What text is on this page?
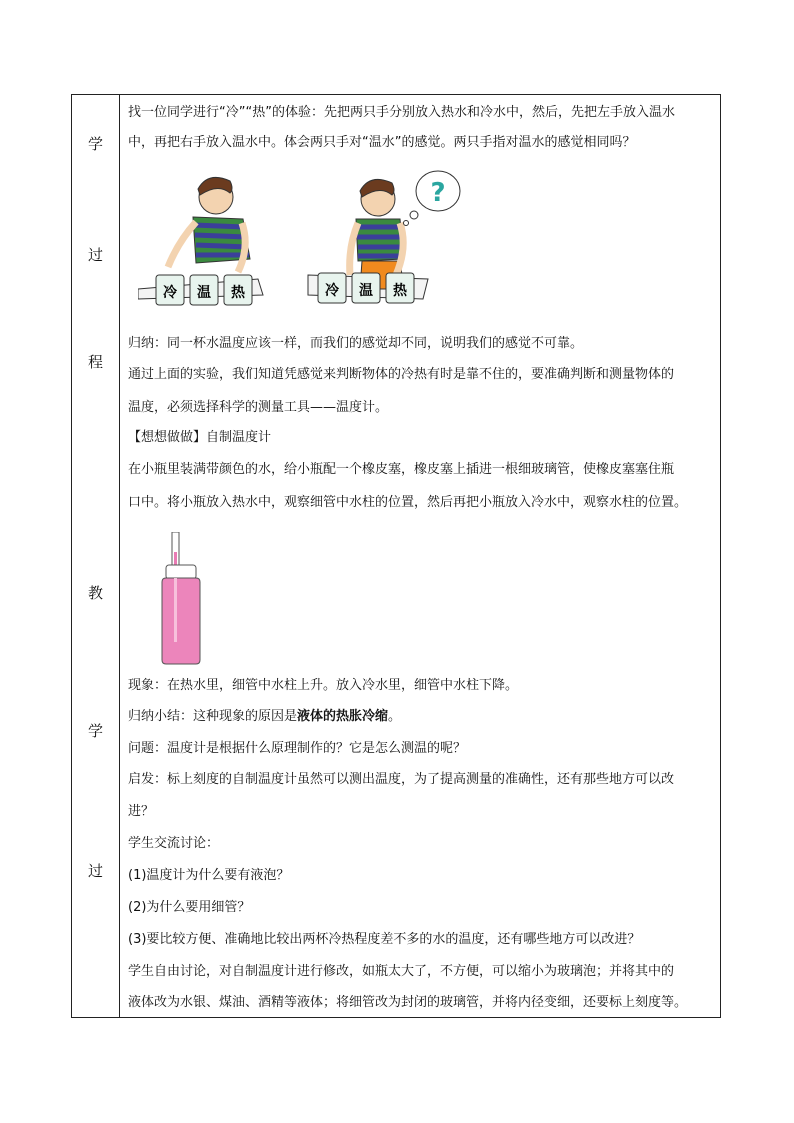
学
过
程
教
学
过
找一位同学进行“冷”“热”的体验：先把两只手分别放入热水和冷水中，然后，先把左手放入温水
中，再把右手放入温水中。体会两只手对“温水”的感觉。两只手指对温水的感觉相同吗？
冷 温 热
?
冷 温 热
归纳：同一杯水温度应该一样，而我们的感觉却不同，说明我们的感觉不可靠。
通过上面的实验，我们知道凭感觉来判断物体的冷热有时是靠不住的，要准确判断和测量物体的
温度，必须选择科学的测量工具——温度计。
【想想做做】自制温度计
在小瓶里装满带颜色的水，给小瓶配一个橡皮塞，橡皮塞上插进一根细玻璃管，使橡皮塞塞住瓶
口中。将小瓶放入热水中，观察细管中水柱的位置，然后再把小瓶放入冷水中，观察水柱的位置。
现象：在热水里，细管中水柱上升。放入冷水里，细管中水柱下降。
归纳小结：这种现象的原因是液体的热胀冷缩。
问题：温度计是根据什么原理制作的？它是怎么测温的呢？
启发：标上刻度的自制温度计虽然可以测出温度，为了提高测量的准确性，还有那些地方可以改
进？
学生交流讨论：
(1)温度计为什么要有液泡？
(2)为什么要用细管？
(3)要比较方便、准确地比较出两杯冷热程度差不多的水的温度，还有哪些地方可以改进？
学生自由讨论，对自制温度计进行修改，如瓶太大了，不方便，可以缩小为玻璃泡；并将其中的
液体改为水银、煤油、酒精等液体；将细管改为封闭的玻璃管，并将内径变细，还要标上刻度等。
